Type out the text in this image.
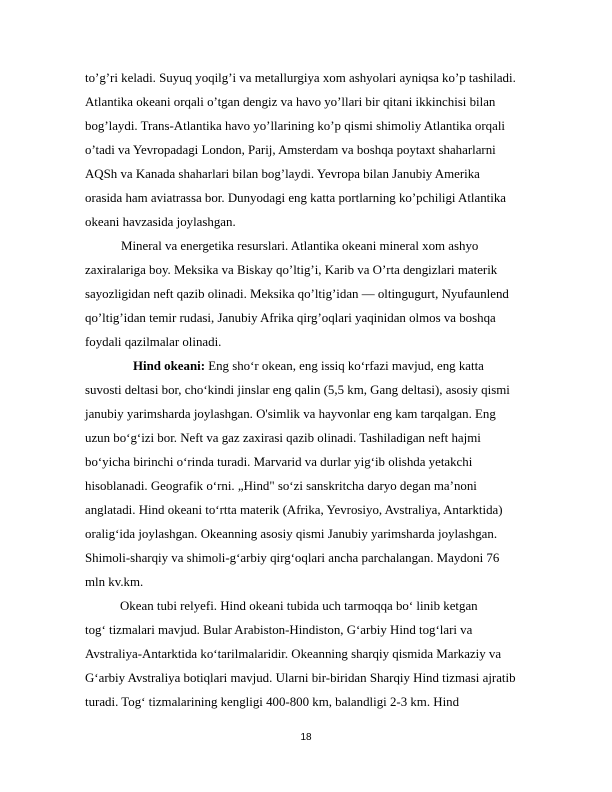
to’g’ri keladi. Suyuq yoqilg’i va metallurgiya xom ashyolari ayniqsa ko’p tashiladi.
Atlantika okeani orqali o’tgan dengiz va havo yo’llari bir qitani ikkinchisi bilan
bog’laydi. Trans-Atlantika havo yo’llarining ko’p qismi shimoliy Atlantika orqali
o’tadi va Yevropadagi London, Parij, Amsterdam va boshqa poytaxt shaharlarni
AQSh va Kanada shaharlari bilan bog’laydi. Yevropa bilan Janubiy Amerika
orasida ham aviatrassa bor. Dunyodagi eng katta portlarning ko’pchiligi Atlantika
okeani havzasida joylashgan.
Mineral va energetika resurslari. Atlantika okeani mineral xom ashyo
zaxiralariga boy. Meksika va Biskay qo’ltig’i, Karib va O’rta dengizlari materik
sayozligidan neft qazib olinadi. Meksika qo’ltig’idan — oltingugurt, Nyufaunlend
qo’ltig’idan temir rudasi, Janubiy Afrika qirg’oqlari yaqinidan olmos va boshqa
foydali qazilmalar olinadi.
Hind okeani: Eng sho‘r okean, eng issiq ko‘rfazi mavjud, eng katta
suvosti deltasi bor, cho‘kindi jinslar eng qalin (5,5 km, Gang deltasi), asosiy qismi
janubiy yarimsharda joylashgan. O'simlik va hayvonlar eng kam tarqalgan. Eng
uzun bo‘g‘izi bor. Neft va gaz zaxirasi qazib olinadi. Tashiladigan neft hajmi
bo‘yicha birinchi o‘rinda turadi. Marvarid va durlar yig‘ib olishda yetakchi
hisoblanadi. Geografik o‘rni. „Hind" so‘zi sanskritcha daryo degan ma’noni
anglatadi. Hind okeani to‘rtta materik (Afrika, Yevrosiyo, Avstraliya, Antarktida)
oralig‘ida joylashgan. Okeanning asosiy qismi Janubiy yarimsharda joylashgan.
Shimoli-sharqiy va shimoli-g‘arbiy qirg‘oqlari ancha parchalangan. Maydoni 76
mln kv.km.
Okean tubi relyefi. Hind okeani tubida uch tarmoqqa bo‘ linib ketgan
tog‘ tizmalari mavjud. Bular Arabiston-Hindiston, G‘arbiy Hind tog‘lari va
Avstraliya-Antarktida ko‘tarilmalaridir. Okeanning sharqiy qismida Markaziy va
G‘arbiy Avstraliya botiqlari mavjud. Ularni bir-biridan Sharqiy Hind tizmasi ajratib
turadi. Tog‘ tizmalarining kengligi 400-800 km, balandligi 2-3 km. Hind
18
